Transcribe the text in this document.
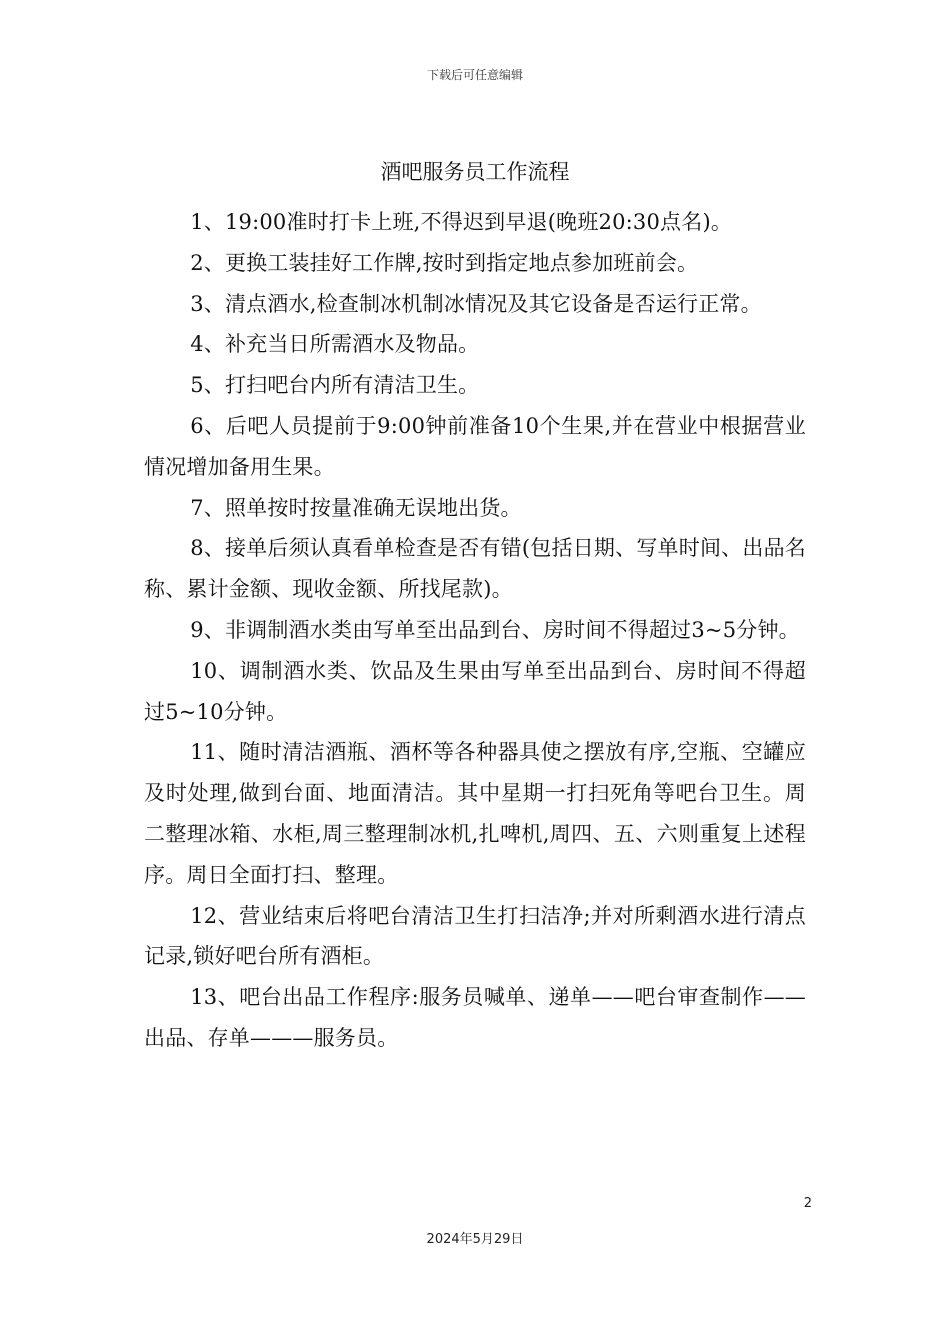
下载后可任意编辑
酒吧服务员工作流程

1、19:00准时打卡上班,不得迟到早退(晚班20:30点名)。

2、更换工装挂好工作牌,按时到指定地点参加班前会。

3、清点酒水,检查制冰机制冰情况及其它设备是否运行正常。

4、补充当日所需酒水及物品。

5、打扫吧台内所有清洁卫生。

6、后吧人员提前于9:00钟前准备10个生果,并在营业中根据营业情况增加备用生果。

7、照单按时按量准确无误地出货。

8、接单后须认真看单检查是否有错(包括日期、写单时间、出品名称、累计金额、现收金额、所找尾款)。

9、非调制酒水类由写单至出品到台、房时间不得超过3~5分钟。

10、调制酒水类、饮品及生果由写单至出品到台、房时间不得超过5~10分钟。

11、随时清洁酒瓶、酒杯等各种器具使之摆放有序,空瓶、空罐应及时处理,做到台面、地面清洁。其中星期一打扫死角等吧台卫生。周二整理冰箱、水柜,周三整理制冰机,扎啤机,周四、五、六则重复上述程序。周日全面打扫、整理。

12、营业结束后将吧台清洁卫生打扫洁净;并对所剩酒水进行清点记录,锁好吧台所有酒柜。

13、吧台出品工作程序:服务员喊单、递单——吧台审查制作——出品、存单———服务员。

2
2024年5月29日
